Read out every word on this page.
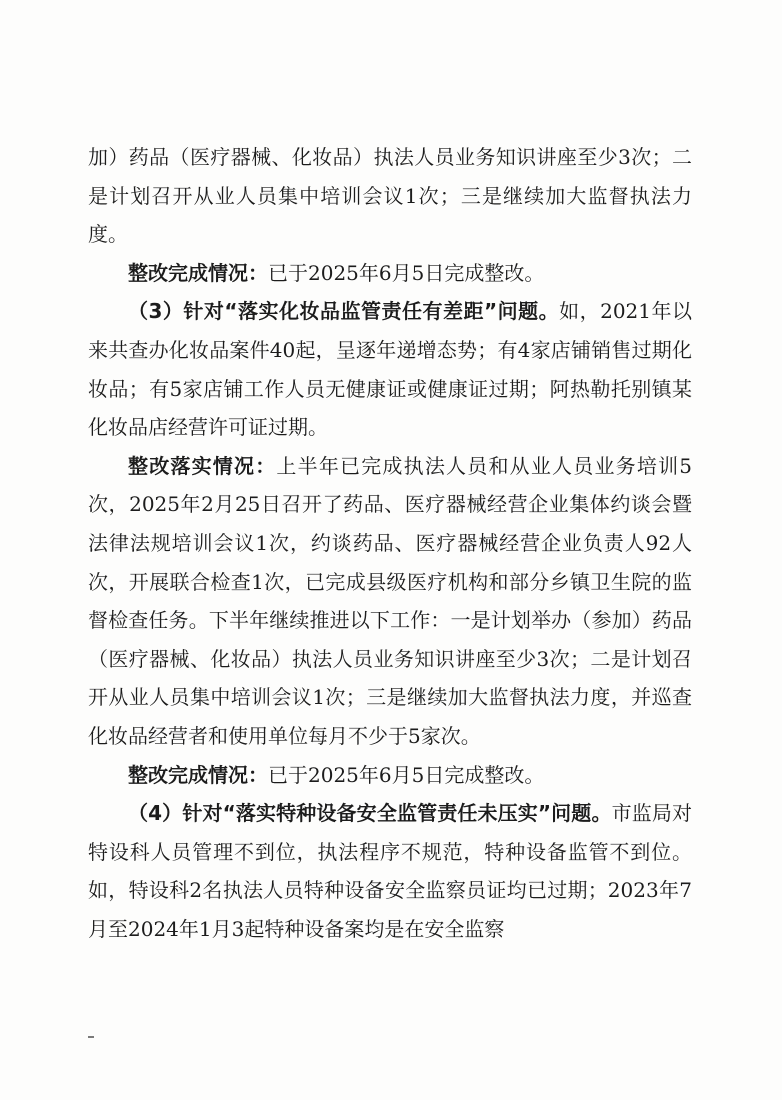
加）药品（医疗器械、化妆品）执法人员业务知识讲座至少3次；二是计划召开从业人员集中培训会议1次；三是继续加大监督执法力度。

整改完成情况：已于2025年6月5日完成整改。

（3）针对“落实化妆品监管责任有差距”问题。如，2021年以来共查办化妆品案件40起，呈逐年递增态势；有4家店铺销售过期化妆品；有5家店铺工作人员无健康证或健康证过期；阿热勒托别镇某化妆品店经营许可证过期。

整改落实情况：上半年已完成执法人员和从业人员业务培训5次，2025年2月25日召开了药品、医疗器械经营企业集体约谈会暨法律法规培训会议1次，约谈药品、医疗器械经营企业负责人92人次，开展联合检查1次，已完成县级医疗机构和部分乡镇卫生院的监督检查任务。下半年继续推进以下工作：一是计划举办（参加）药品（医疗器械、化妆品）执法人员业务知识讲座至少3次；二是计划召开从业人员集中培训会议1次；三是继续加大监督执法力度，并巡查化妆品经营者和使用单位每月不少于5家次。

整改完成情况：已于2025年6月5日完成整改。

（4）针对“落实特种设备安全监管责任未压实”问题。市监局对特设科人员管理不到位，执法程序不规范，特种设备监管不到位。如，特设科2名执法人员特种设备安全监察员证均已过期；2023年7月至2024年1月3起特种设备案均是在安全监察
